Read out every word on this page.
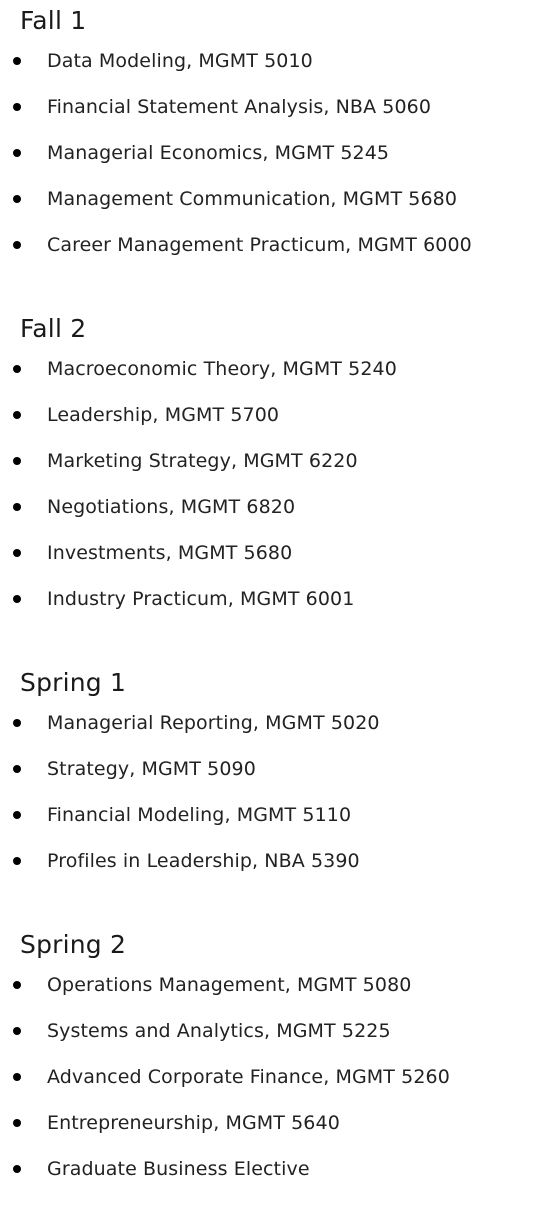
Fall 1
Data Modeling, MGMT 5010
Financial Statement Analysis, NBA 5060
Managerial Economics, MGMT 5245
Management Communication, MGMT 5680
Career Management Practicum, MGMT 6000
Fall 2
Macroeconomic Theory, MGMT 5240
Leadership, MGMT 5700
Marketing Strategy, MGMT 6220
Negotiations, MGMT 6820
Investments, MGMT 5680
Industry Practicum, MGMT 6001
Spring 1
Managerial Reporting, MGMT 5020
Strategy, MGMT 5090
Financial Modeling, MGMT 5110
Profiles in Leadership, NBA 5390
Spring 2
Operations Management, MGMT 5080
Systems and Analytics, MGMT 5225
Advanced Corporate Finance, MGMT 5260
Entrepreneurship, MGMT 5640
Graduate Business Elective
